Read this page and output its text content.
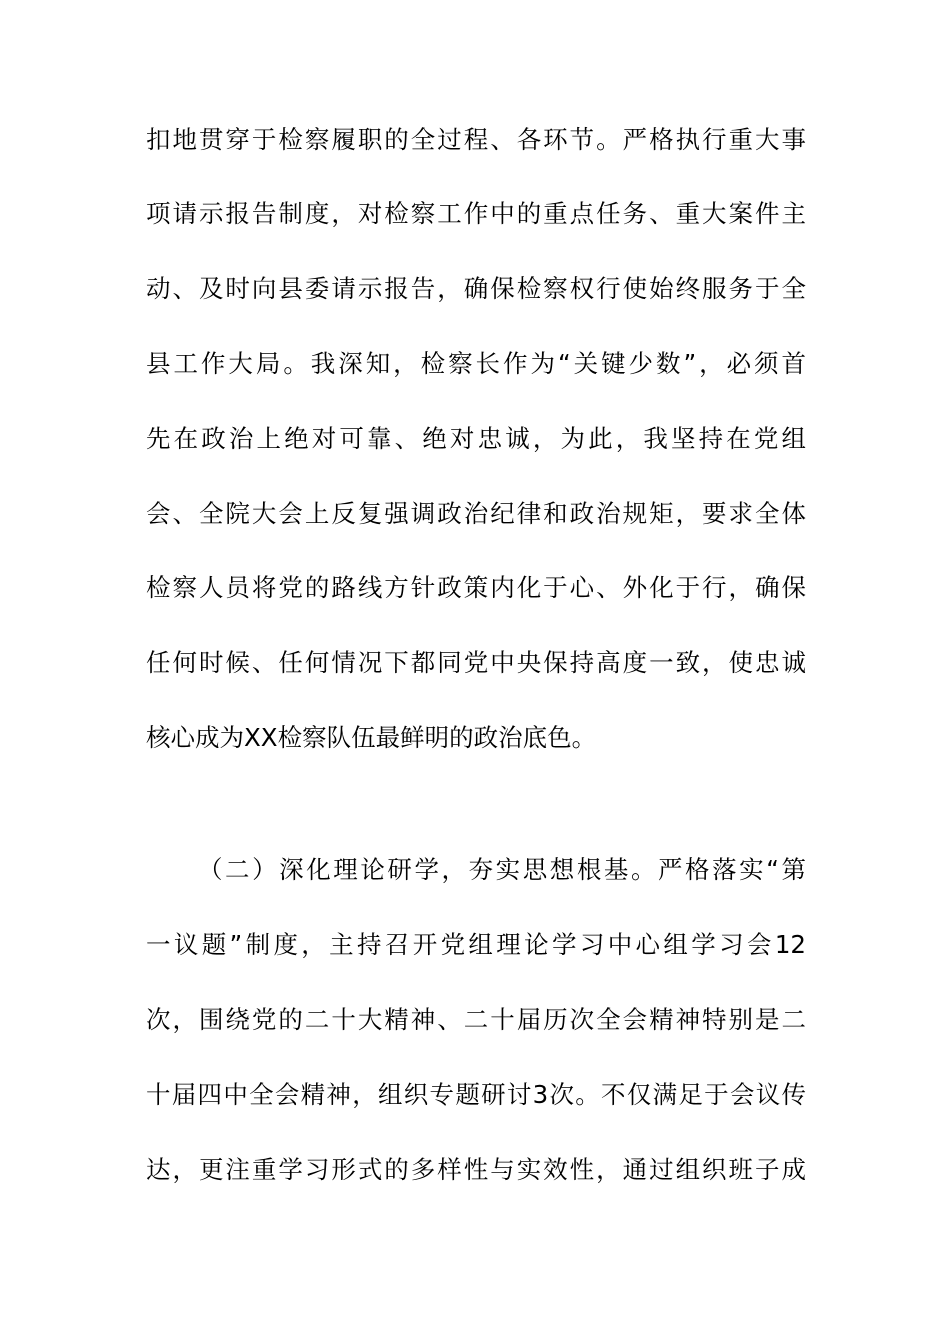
扣地贯穿于检察履职的全过程、各环节。严格执行重大事

项请示报告制度，对检察工作中的重点任务、重大案件主

动、及时向县委请示报告，确保检察权行使始终服务于全

县工作大局。我深知，检察长作为“关键少数”，必须首

先在政治上绝对可靠、绝对忠诚，为此，我坚持在党组

会、全院大会上反复强调政治纪律和政治规矩，要求全体

检察人员将党的路线方针政策内化于心、外化于行，确保

任何时候、任何情况下都同党中央保持高度一致，使忠诚

核心成为XX检察队伍最鲜明的政治底色。

（二）深化理论研学，夯实思想根基。严格落实“第

一议题”制度，主持召开党组理论学习中心组学习会12

次，围绕党的二十大精神、二十届历次全会精神特别是二

十届四中全会精神，组织专题研讨3次。不仅满足于会议传

达，更注重学习形式的多样性与实效性，通过组织班子成
